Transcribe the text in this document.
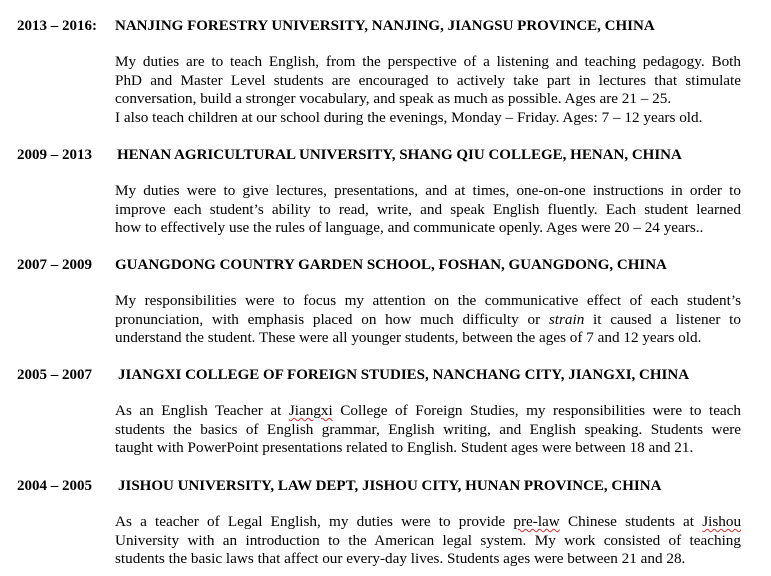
2013 – 2016: NANJING FORESTRY UNIVERSITY, NANJING, JIANGSU PROVINCE, CHINA
My duties are to teach English, from the perspective of a listening and teaching pedagogy. Both
PhD and Master Level students are encouraged to actively take part in lectures that stimulate
conversation, build a stronger vocabulary, and speak as much as possible. Ages are 21 – 25.
I also teach children at our school during the evenings, Monday – Friday. Ages: 7 – 12 years old.
2009 – 2013 HENAN AGRICULTURAL UNIVERSITY, SHANG QIU COLLEGE, HENAN, CHINA
My duties were to give lectures, presentations, and at times, one-on-one instructions in order to
improve each student’s ability to read, write, and speak English fluently. Each student learned
how to effectively use the rules of language, and communicate openly. Ages were 20 – 24 years..
2007 – 2009 GUANGDONG COUNTRY GARDEN SCHOOL, FOSHAN, GUANGDONG, CHINA
My responsibilities were to focus my attention on the communicative effect of each student’s
pronunciation, with emphasis placed on how much difficulty or strain it caused a listener to
understand the student. These were all younger students, between the ages of 7 and 12 years old.
2005 – 2007 JIANGXI COLLEGE OF FOREIGN STUDIES, NANCHANG CITY, JIANGXI, CHINA
As an English Teacher at Jiangxi College of Foreign Studies, my responsibilities were to teach
students the basics of English grammar, English writing, and English speaking. Students were
taught with PowerPoint presentations related to English. Student ages were between 18 and 21.
2004 – 2005 JISHOU UNIVERSITY, LAW DEPT, JISHOU CITY, HUNAN PROVINCE, CHINA
As a teacher of Legal English, my duties were to provide pre-law Chinese students at Jishou
University with an introduction to the American legal system. My work consisted of teaching
students the basic laws that affect our every-day lives. Students ages were between 21 and 28.
